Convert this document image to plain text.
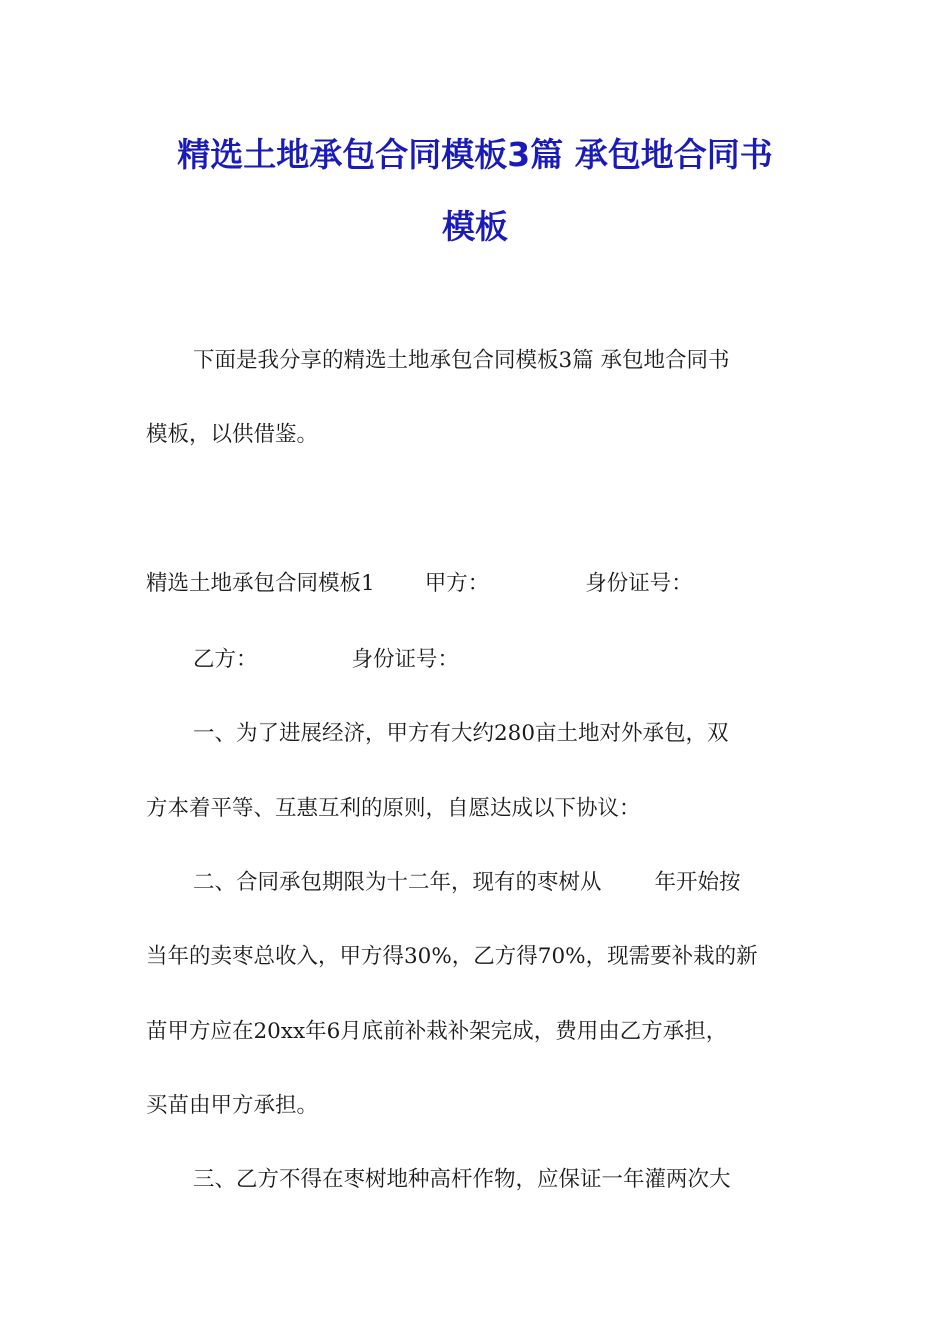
精选土地承包合同模板3篇 承包地合同书
模板
下面是我分享的精选土地承包合同模板3篇 承包地合同书
模板，以供借鉴。
精选土地承包合同模板1 甲方：	身份证号：
乙方：	身份证号：
一、为了进展经济，甲方有大约280亩土地对外承包，双
方本着平等、互惠互利的原则，自愿达成以下协议：
二、合同承包期限为十二年，现有的枣树从 年开始按
当年的卖枣总收入，甲方得30%，乙方得70%，现需要补栽的新
苗甲方应在20xx年6月底前补栽补架完成，费用由乙方承担，
买苗由甲方承担。
三、乙方不得在枣树地种高杆作物，应保证一年灌两次大
